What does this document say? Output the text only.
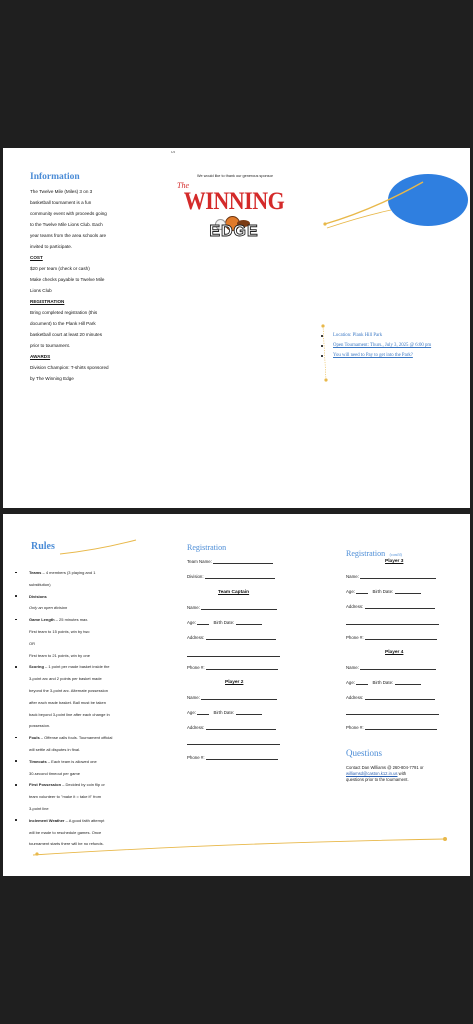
1/2
Information
The Twelve Mile (Miles) 3 on 3
basketball tournament is a fun
community event with proceeds going
to the Twelve Mile Lions Club. Each
year teams from the area schools are
invited to participate.
COST
$20 per team (check or cash)
Make checks payable to Twelve Mile
Lions Club
REGISTRATION
Bring completed registration (this
document) to the Plank Hill Park
basketball court at least 20 minutes
prior to tournament.
AWARDS
Division Champion: T-shirts sponsored
by The Winning Edge
We would like to thank our generous sponsor
The
WINNING
EDGE
Location: Plank Hill Park
Open Tournament: Thurs., July 3, 2025 @ 6:00 pm
You will need to Pay to get into the Park?
Rules
Teams – 4 members (3 playing and 1
substitution)
Divisions
Only an open division
Game Length – 25 minutes max.
First team to 15 points, win by two
OR
First team to 21 points, win by one
Scoring – 1 point per made basket inside the
3-point arc and 2 points per basket made
beyond the 3-point arc. Alternate possession
after each made basket. Ball must be taken
back beyond 3-point line after each change in
possession.
Fouls – Offense calls fouls. Tournament official
will settle all disputes in final.
Timeouts – Each team is allowed one
30-second timeout per game
First Possession – Decided by coin flip or
team volunteer to "make it = take it" from
3-point line
Inclement Weather – A good faith attempt
will be made to reschedule games. Once
tournament starts there will be no refunds.
Registration
Team Name:
Division:
Team Captain
Name:
Age:	Birth Date:
Address:
Phone #:
Player 2
Name:
Age:	Birth Date:
Address:
Phone #:
Registration (cont'd)
Player 3
Name:
Age:	Birth Date:
Address:
Phone #:
Player 4
Name:
Age:	Birth Date:
Address:
Phone #:
Questions
Contact Dan Williams @ 260-804-7791 or
williamsd@caston.k12.in.us with
questions prior to the tournament.
